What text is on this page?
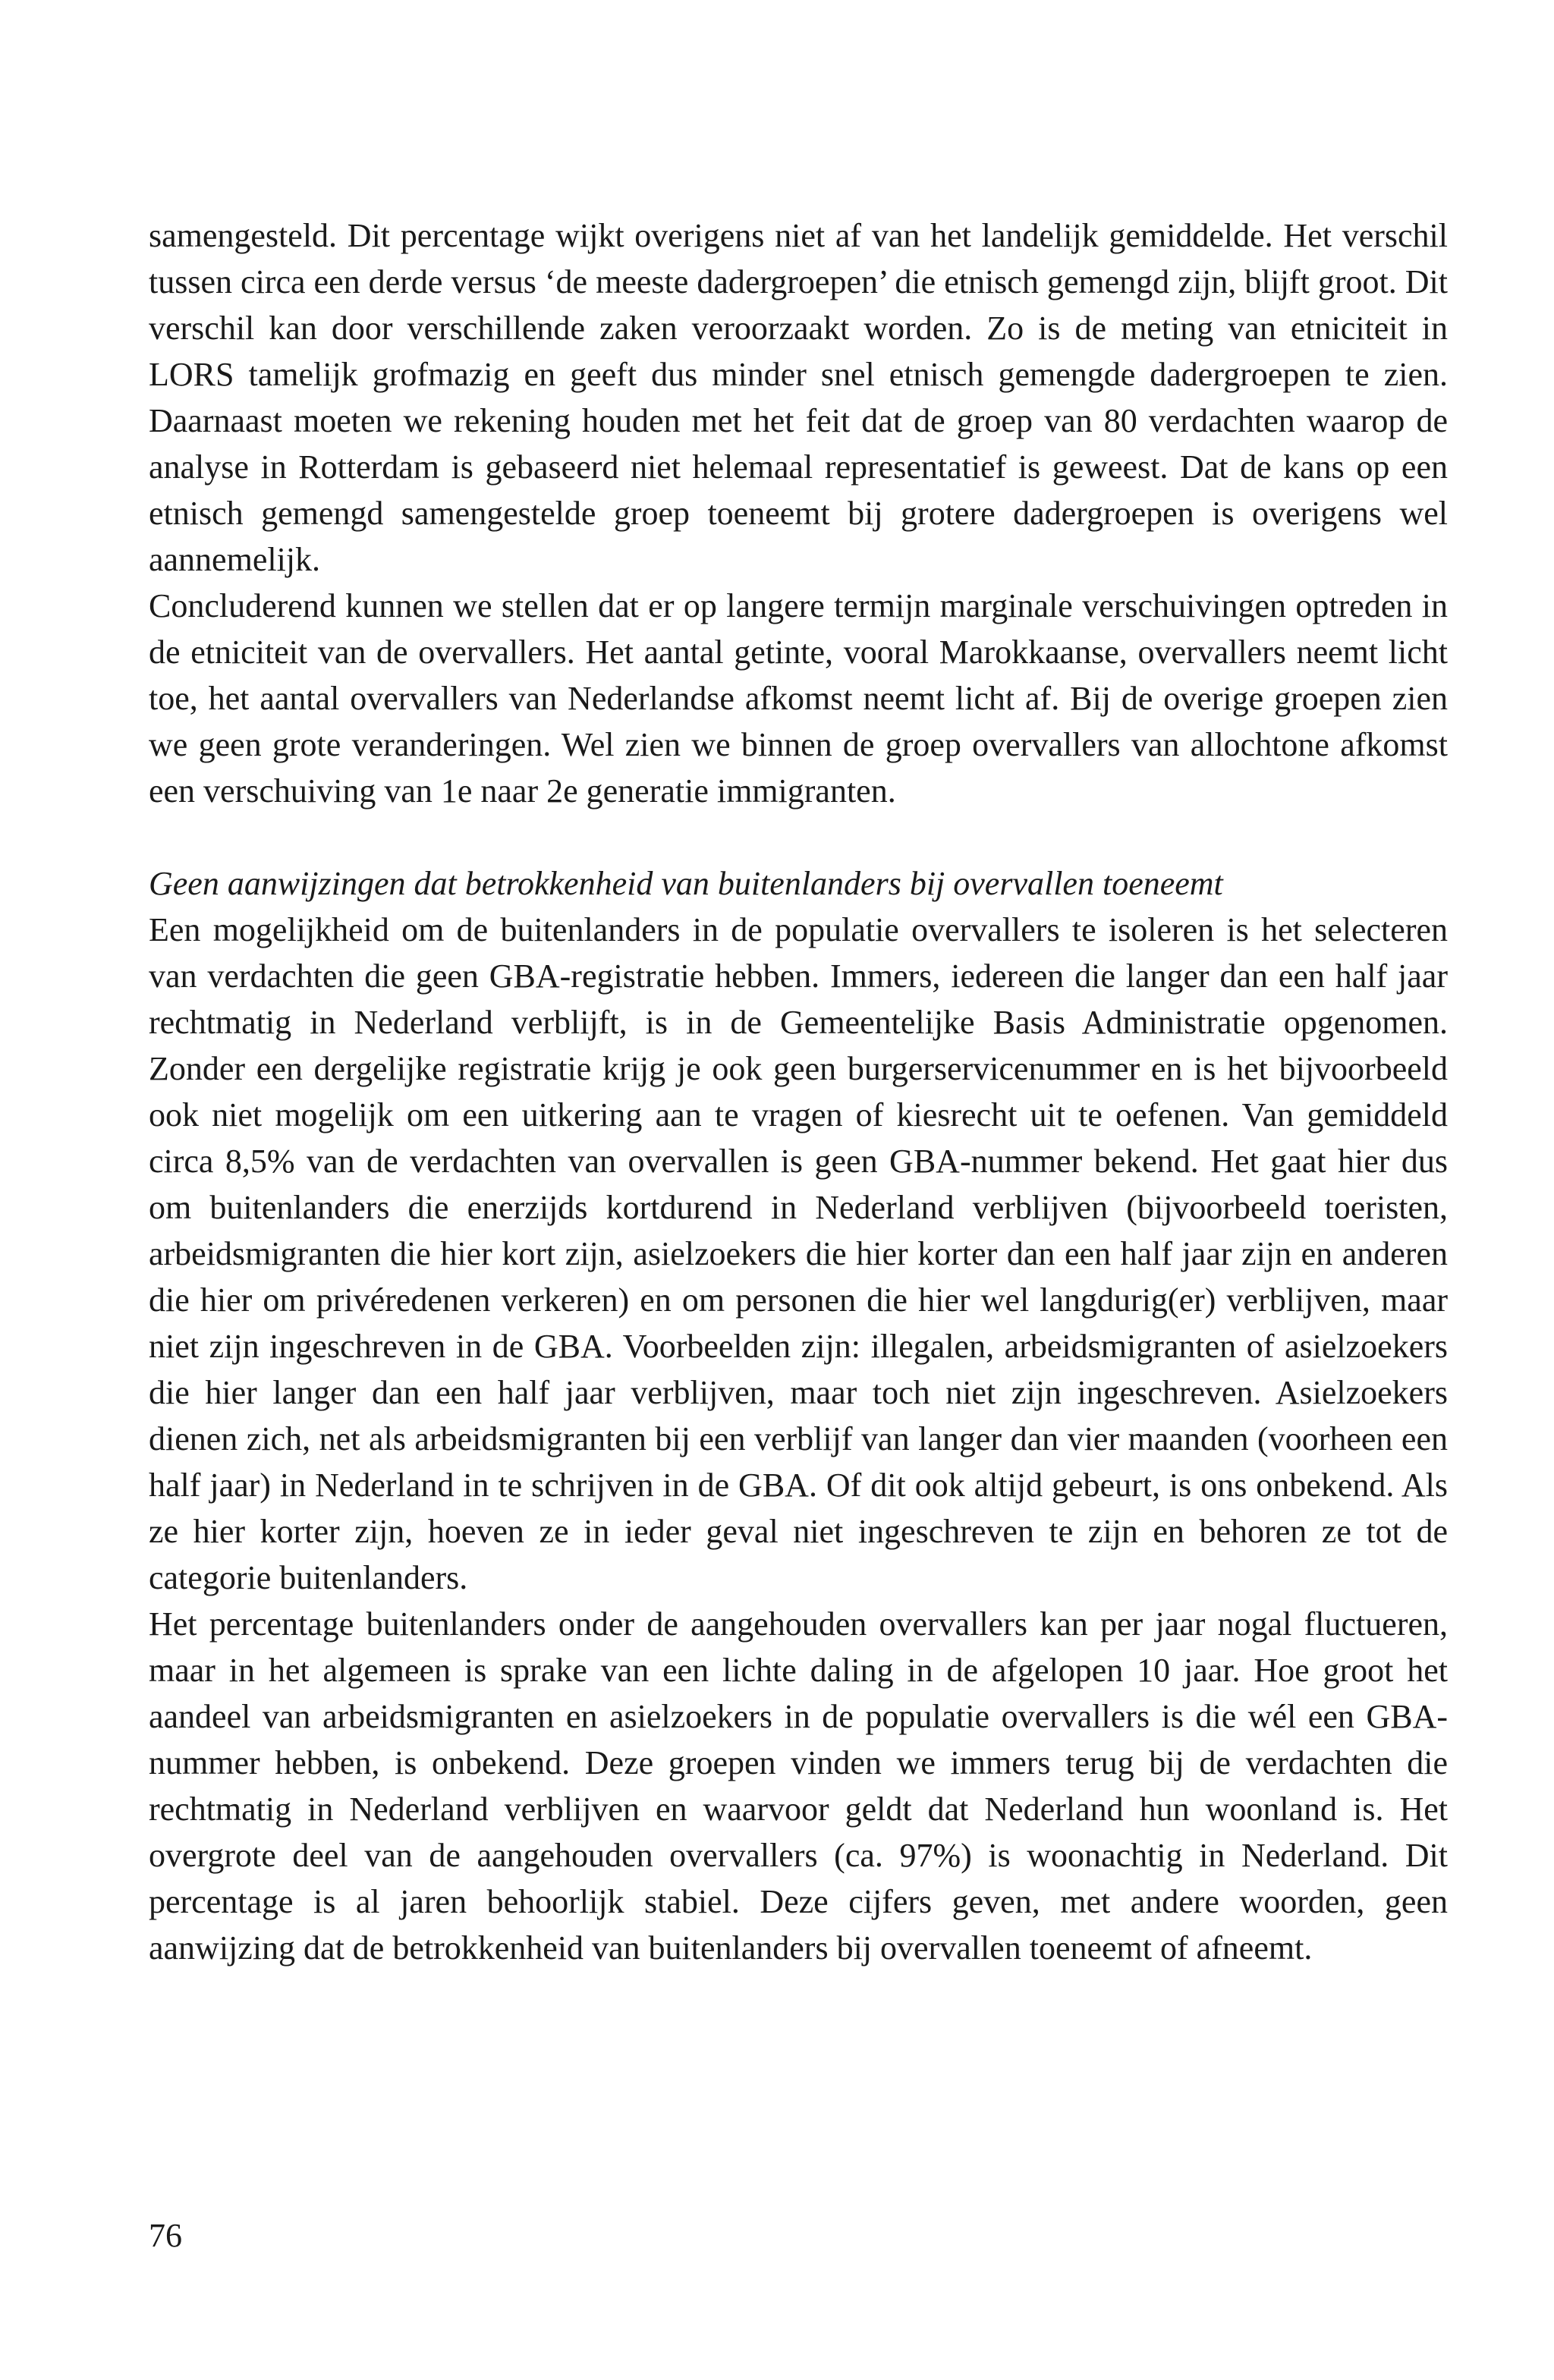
samengesteld. Dit percentage wijkt overigens niet af van het landelijk gemiddelde. Het verschil tussen circa een derde versus ‘de meeste dadergroepen’ die etnisch gemengd zijn, blijft groot. Dit verschil kan door verschillende zaken veroorzaakt worden. Zo is de meting van etniciteit in LORS tamelijk grofmazig en geeft dus minder snel etnisch gemengde dadergroepen te zien. Daarnaast moeten we rekening houden met het feit dat de groep van 80 verdachten waarop de analyse in Rotterdam is gebaseerd niet helemaal representatief is geweest. Dat de kans op een etnisch gemengd samengestelde groep toeneemt bij grotere dadergroepen is overigens wel aannemelijk.

Concluderend kunnen we stellen dat er op langere termijn marginale verschuivingen optreden in de etniciteit van de overvallers. Het aantal getinte, vooral Marokkaanse, overvallers neemt licht toe, het aantal overvallers van Nederlandse afkomst neemt licht af. Bij de overige groepen zien we geen grote veranderingen. Wel zien we binnen de groep overvallers van allochtone afkomst een verschuiving van 1e naar 2e generatie immigranten.

Geen aanwijzingen dat betrokkenheid van buitenlanders bij overvallen toeneemt

Een mogelijkheid om de buitenlanders in de populatie overvallers te isoleren is het selecteren van verdachten die geen GBA-registratie hebben. Immers, iedereen die langer dan een half jaar rechtmatig in Nederland verblijft, is in de Gemeentelijke Basis Administratie opgenomen. Zonder een dergelijke registratie krijg je ook geen burgerservicenummer en is het bijvoorbeeld ook niet mogelijk om een uitkering aan te vragen of kiesrecht uit te oefenen. Van gemiddeld circa 8,5% van de verdachten van overvallen is geen GBA-nummer bekend. Het gaat hier dus om buitenlanders die enerzijds kortdurend in Nederland verblijven (bijvoorbeeld toeristen, arbeidsmigranten die hier kort zijn, asielzoekers die hier korter dan een half jaar zijn en anderen die hier om privéredenen verkeren) en om personen die hier wel langdurig(er) verblijven, maar niet zijn ingeschreven in de GBA. Voorbeelden zijn: illegalen, arbeidsmigranten of asielzoekers die hier langer dan een half jaar verblijven, maar toch niet zijn ingeschreven. Asielzoekers dienen zich, net als arbeidsmigranten bij een verblijf van langer dan vier maanden (voorheen een half jaar) in Nederland in te schrijven in de GBA. Of dit ook altijd gebeurt, is ons onbekend. Als ze hier korter zijn, hoeven ze in ieder geval niet ingeschreven te zijn en behoren ze tot de categorie buitenlanders.

Het percentage buitenlanders onder de aangehouden overvallers kan per jaar nogal fluctueren, maar in het algemeen is sprake van een lichte daling in de afgelopen 10 jaar. Hoe groot het aandeel van arbeidsmigranten en asielzoekers in de populatie overvallers is die wél een GBA-nummer hebben, is onbekend. Deze groepen vinden we immers terug bij de verdachten die rechtmatig in Nederland verblijven en waarvoor geldt dat Nederland hun woonland is. Het overgrote deel van de aangehouden overvallers (ca. 97%) is woonachtig in Nederland. Dit percentage is al jaren behoorlijk stabiel. Deze cijfers geven, met andere woorden, geen aanwijzing dat de betrokkenheid van buitenlanders bij overvallen toeneemt of afneemt.

76
